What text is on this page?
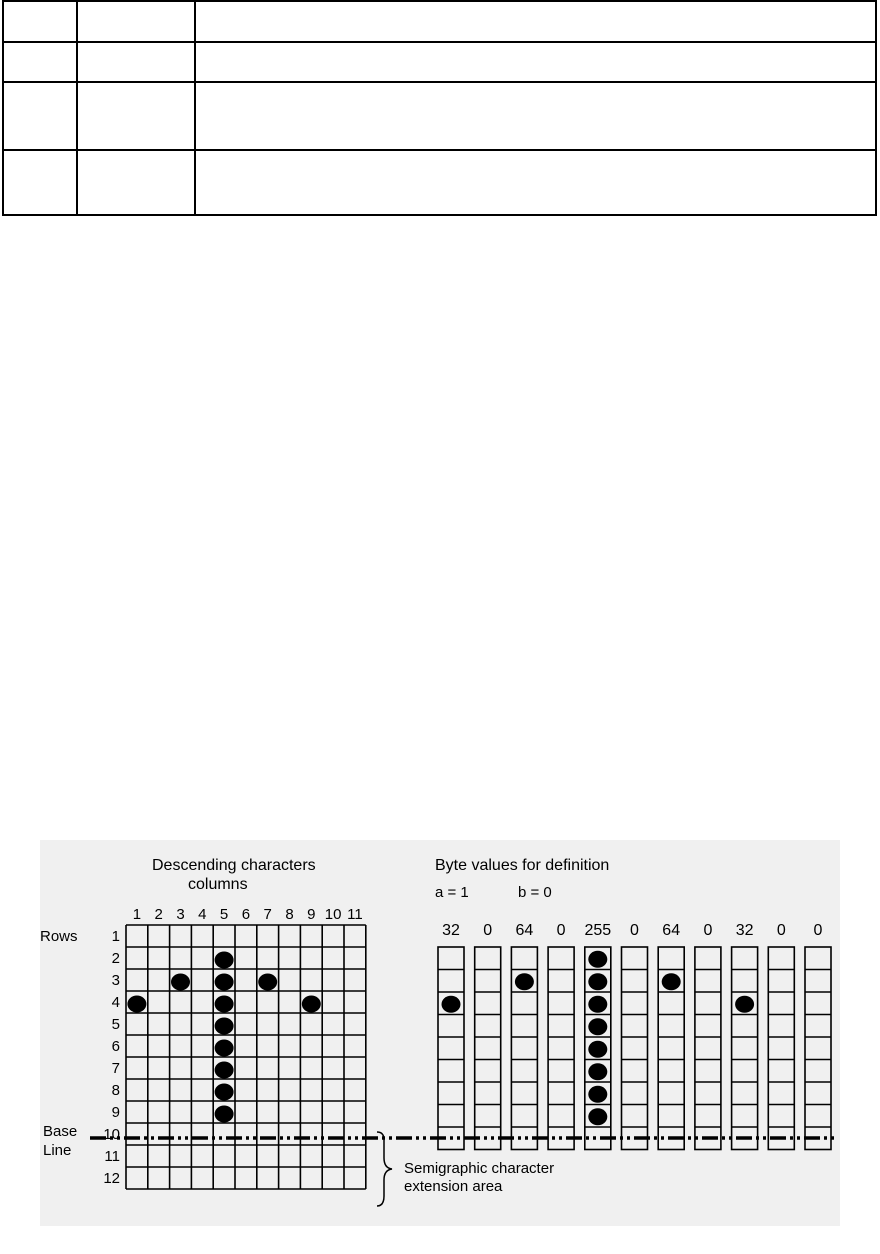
Descending characters
columns
Byte values for definition
a = 1	b = 0
Rows
Base
Line
Semigraphic character
extension area
1 2 3 4 5 6 7 8 9 10 11
1
2
3
4
5
6
7
8
9
10
11
12
32 0 64 0 255 0 64 0 32 0 0
